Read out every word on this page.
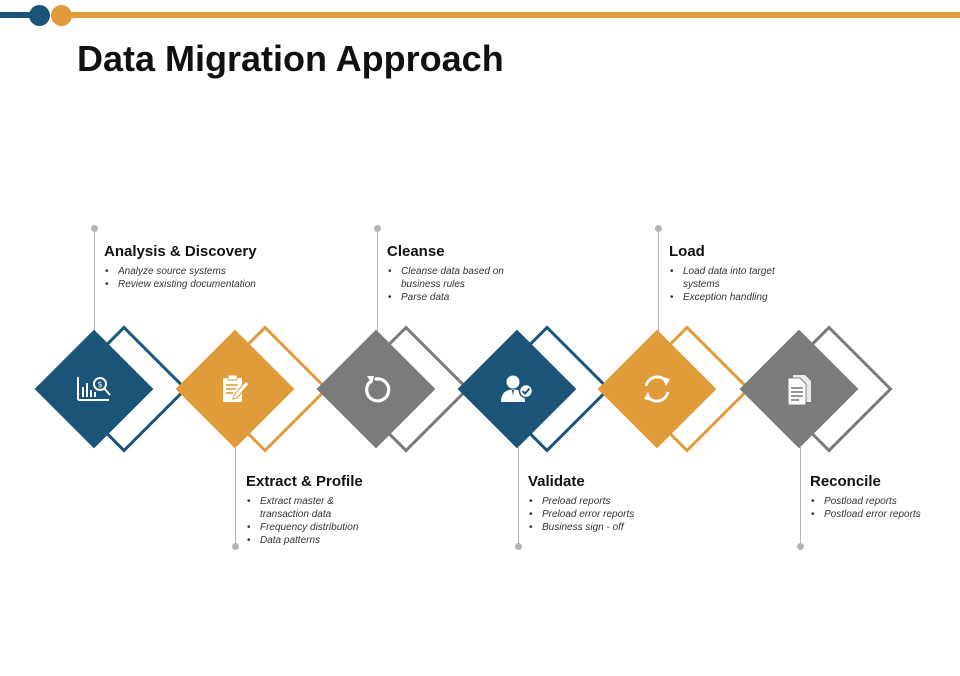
Data Migration Approach

Analysis & Discovery

• Analyze source systems
• Review existing documentation
$

Extract & Profile

• Extract master & transaction data
• Frequency distribution
• Data patterns

Cleanse

• Cleanse data based on business rules
• Parse data

Validate

• Preload reports
• Preload error reports
• Business sign - off

Load

• Load data into target systems
• Exception handling

Reconcile

• Postload reports
• Postload error reports
